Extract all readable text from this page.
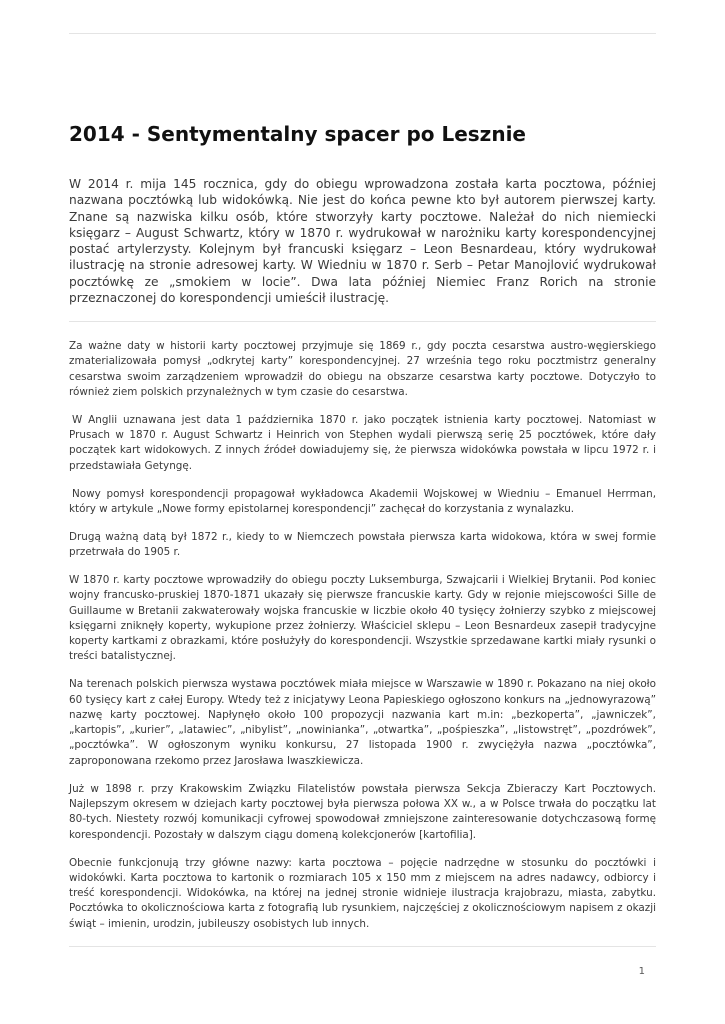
2014 - Sentymentalny spacer po Lesznie

W 2014 r. mija 145 rocznica, gdy do obiegu wprowadzona została karta pocztowa, później nazwana pocztówką lub widokówką. Nie jest do końca pewne kto był autorem pierwszej karty. Znane są nazwiska kilku osób, które stworzyły karty pocztowe. Należał do nich niemiecki księgarz – August Schwartz, który w 1870 r. wydrukował w narożniku karty korespondencyjnej postać artylerzysty. Kolejnym był francuski księgarz – Leon Besnardeau, który wydrukował ilustrację na stronie adresowej karty. W Wiedniu w 1870 r. Serb – Petar Manojlović wydrukował pocztówkę ze „smokiem w locie”. Dwa lata później Niemiec Franz Rorich na stronie przeznaczonej do korespondencji umieścił ilustrację.

Za ważne daty w historii karty pocztowej przyjmuje się 1869 r., gdy poczta cesarstwa austro-węgierskiego zmaterializowała pomysł „odkrytej karty” korespondencyjnej. 27 września tego roku pocztmistrz generalny cesarstwa swoim zarządzeniem wprowadził do obiegu na obszarze cesarstwa karty pocztowe. Dotyczyło to również ziem polskich przynależnych w tym czasie do cesarstwa.

W Anglii uznawana jest data 1 października 1870 r. jako początek istnienia karty pocztowej. Natomiast w Prusach w 1870 r. August Schwartz i Heinrich von Stephen wydali pierwszą serię 25 pocztówek, które dały początek kart widokowych. Z innych źródeł dowiadujemy się, że pierwsza widokówka powstała w lipcu 1972 r. i przedstawiała Getyngę.

Nowy pomysł korespondencji propagował wykładowca Akademii Wojskowej w Wiedniu – Emanuel Herrman, który w artykule „Nowe formy epistolarnej korespondencji” zachęcał do korzystania z wynalazku.

Drugą ważną datą był 1872 r., kiedy to w Niemczech powstała pierwsza karta widokowa, która w swej formie przetrwała do 1905 r.

W 1870 r. karty pocztowe wprowadziły do obiegu poczty Luksemburga, Szwajcarii i Wielkiej Brytanii. Pod koniec wojny francusko-pruskiej 1870-1871 ukazały się pierwsze francuskie karty. Gdy w rejonie miejscowości Sille de Guillaume w Bretanii zakwaterowały wojska francuskie w liczbie około 40 tysięcy żołnierzy szybko z miejscowej księgarni zniknęły koperty, wykupione przez żołnierzy. Właściciel sklepu – Leon Besnardeux zasepił tradycyjne koperty kartkami z obrazkami, które posłużyły do korespondencji. Wszystkie sprzedawane kartki miały rysunki o treści batalistycznej.

Na terenach polskich pierwsza wystawa pocztówek miała miejsce w Warszawie w 1890 r. Pokazano na niej około 60 tysięcy kart z całej Europy. Wtedy też z inicjatywy Leona Papieskiego ogłoszono konkurs na „jednowyrazową” nazwę karty pocztowej. Napłynęło około 100 propozycji nazwania kart m.in: „bezkoperta”, „jawniczek”, „kartopis”, „kurier”, „latawiec”, „nibylist”, „nowinianka”, „otwartka”, „pośpieszka”, „listowstręt”, „pozdrówek”, „pocztówka”. W ogłoszonym wyniku konkursu, 27 listopada 1900 r. zwyciężyła nazwa „pocztówka”, zaproponowana rzekomo przez Jarosława Iwaszkiewicza.

Już w 1898 r. przy Krakowskim Związku Filatelistów powstała pierwsza Sekcja Zbieraczy Kart Pocztowych. Najlepszym okresem w dziejach karty pocztowej była pierwsza połowa XX w., a w Polsce trwała do początku lat 80-tych. Niestety rozwój komunikacji cyfrowej spowodował zmniejszone zainteresowanie dotychczasową formę korespondencji. Pozostały w dalszym ciągu domeną kolekcjonerów [kartofilia].

Obecnie funkcjonują trzy główne nazwy: karta pocztowa – pojęcie nadrzędne w stosunku do pocztówki i widokówki. Karta pocztowa to kartonik o rozmiarach 105 x 150 mm z miejscem na adres nadawcy, odbiorcy i treść korespondencji. Widokówka, na której na jednej stronie widnieje ilustracja krajobrazu, miasta, zabytku. Pocztówka to okolicznościowa karta z fotografią lub rysunkiem, najczęściej z okolicznościowym napisem z okazji świąt – imienin, urodzin, jubileuszy osobistych lub innych.

1
